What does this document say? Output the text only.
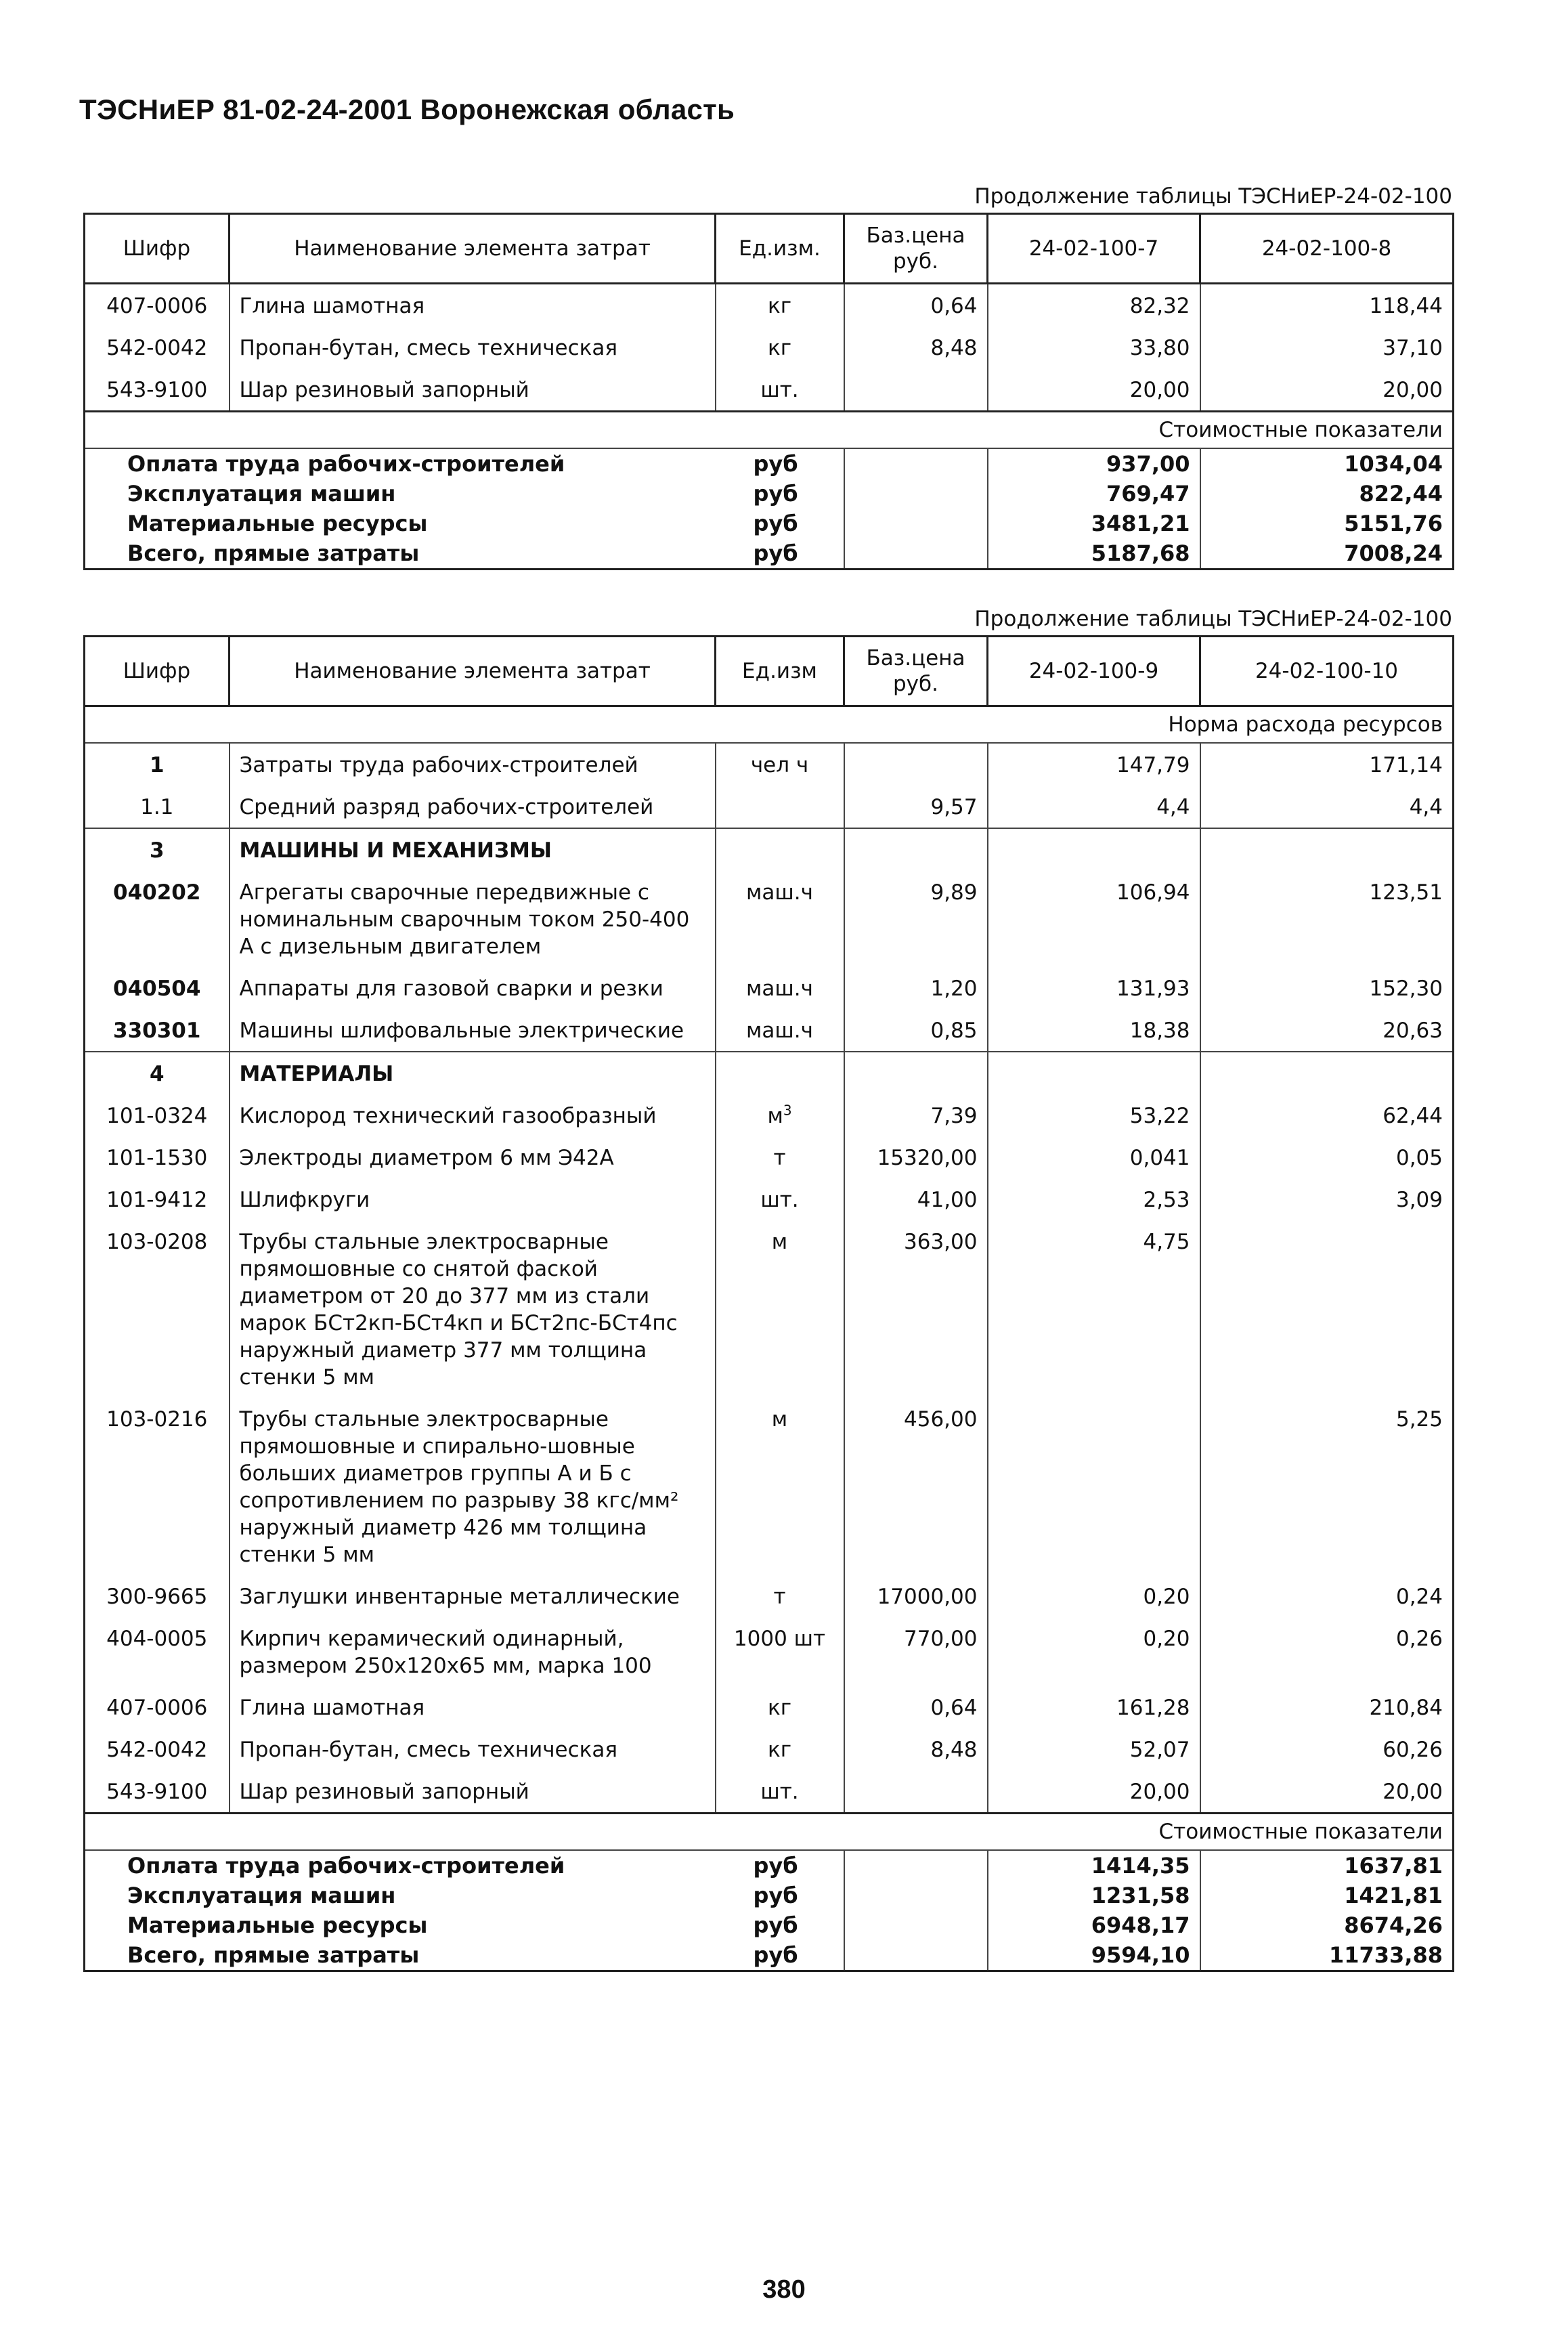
ТЭСНиЕР 81-02-24-2001 Воронежская область
Продолжение таблицы ТЭСНиЕР-24-02-100
Шифр	Наименование элемента затрат	Ед.изм.	Баз.цена руб.	24-02-100-7	24-02-100-8
407-0006	Глина шамотная	кг	0,64	82,32	118,44
542-0042	Пропан-бутан, смесь техническая	кг	8,48	33,80	37,10
543-9100	Шар резиновый запорный	шт.		20,00	20,00
Стоимостные показатели					
Оплата труда рабочих-строителей		руб		937,00	1034,04
Эксплуатация машин		руб		769,47	822,44
Материальные ресурсы		руб		3481,21	5151,76
Всего, прямые затраты		руб		5187,68	7008,24
Продолжение таблицы ТЭСНиЕР-24-02-100
Шифр	Наименование элемента затрат	Ед.изм	Баз.цена руб.	24-02-100-9	24-02-100-10
Норма расхода ресурсов					
1	Затраты труда рабочих-строителей	чел ч		147,79	171,14
1.1	Средний разряд рабочих-строителей		9,57	4,4	4,4
3	МАШИНЫ И МЕХАНИЗМЫ				
040202	Агрегаты сварочные передвижные с номинальным сварочным током 250-400 А с дизельным двигателем	маш.ч	9,89	106,94	123,51
040504	Аппараты для газовой сварки и резки	маш.ч	1,20	131,93	152,30
330301	Машины шлифовальные электрические	маш.ч	0,85	18,38	20,63
4	МАТЕРИАЛЫ				
101-0324	Кислород технический газообразный	$м^3$	7,39	53,22	62,44
101-1530	Электроды диаметром 6 мм Э42А	т	15320,00	0,041	0,05
101-9412	Шлифкруги	шт.	41,00	2,53	3,09
103-0208	Трубы стальные электросварные прямошовные со снятой фаской диаметром от 20 до 377 мм из стали марок БСт2кп-БСт4кп и БСт2пс-БСт4пс наружный диаметр 377 мм толщина стенки 5 мм	м	363,00	4,75	
103-0216	Трубы стальные электросварные прямошовные и спирально-шовные больших диаметров группы А и Б с сопротивлением по разрыву 38 кгс/мм² наружный диаметр 426 мм толщина стенки 5 мм	м	456,00		5,25
300-9665	Заглушки инвентарные металлические	т	17000,00	0,20	0,24
404-0005	Кирпич керамический одинарный, размером 250х120х65 мм, марка 100	1000 шт	770,00	0,20	0,26
407-0006	Глина шамотная	кг	0,64	161,28	210,84
542-0042	Пропан-бутан, смесь техническая	кг	8,48	52,07	60,26
543-9100	Шар резиновый запорный	шт.		20,00	20,00
Стоимостные показатели					
Оплата труда рабочих-строителей		руб		1414,35	1637,81
Эксплуатация машин		руб		1231,58	1421,81
Материальные ресурсы		руб		6948,17	8674,26
Всего, прямые затраты		руб		9594,10	11733,88
380
